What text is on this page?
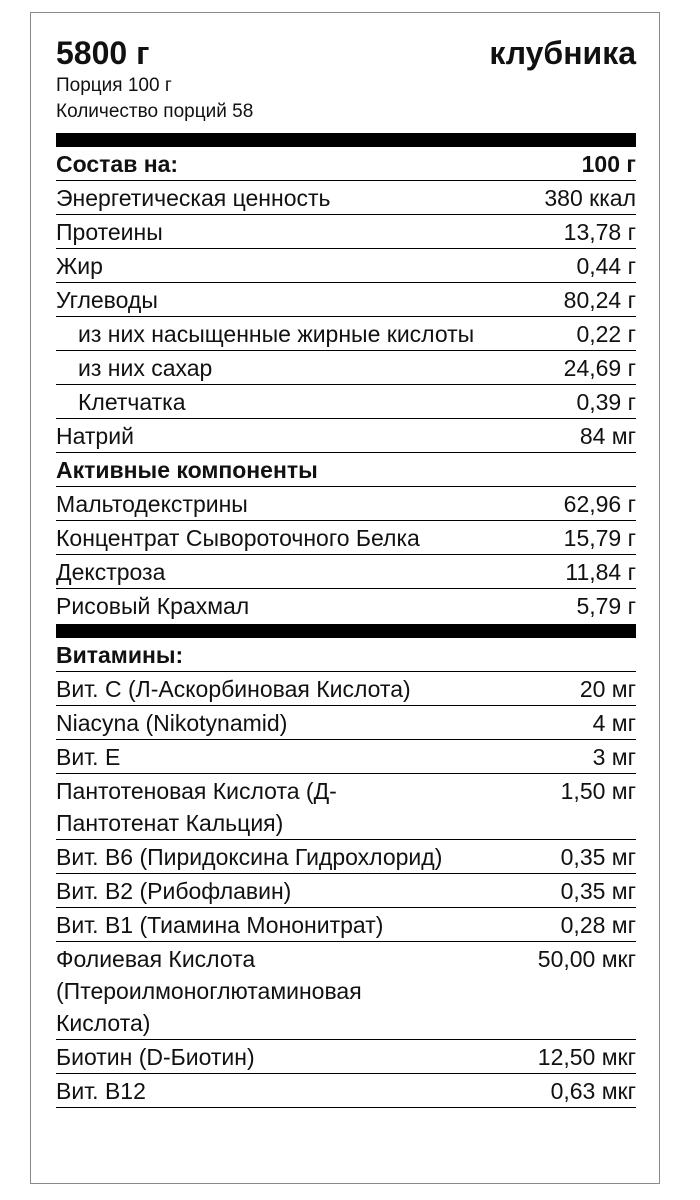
5800 г	клубника
Порция 100 г
Количество порций 58
Состав на:	100 г
Энергетическая ценность	380 ккал
Протеины	13,78 г
Жир	0,44 г
Углеводы	80,24 г
из них насыщенные жирные кислоты	0,22 г
из них сахар	24,69 г
Клетчатка	0,39 г
Натрий	84 мг
Активные компоненты
Мальтодекстрины	62,96 г
Концентрат Сывороточного Белка	15,79 г
Декстроза	11,84 г
Рисовый Крахмал	5,79 г
Витамины:
Вит. С (Л-Аскорбиновая Кислота)	20 мг
Niacyna (Nikotynamid)	4 мг
Вит. Е	3 мг
Пантотеновая Кислота (Д-Пантотенат Кальция)
1,50 мг
Вит. В6 (Пиридоксина Гидрохлорид)	0,35 мг
Вит. В2 (Рибофлавин)	0,35 мг
Вит. В1 (Тиамина Мононитрат)	0,28 мг
Фолиевая Кислота (Птероилмоноглютаминовая Кислота)
50,00 мкг
Биотин (D-Биотин)	12,50 мкг
Вит. В12	0,63 мкг
